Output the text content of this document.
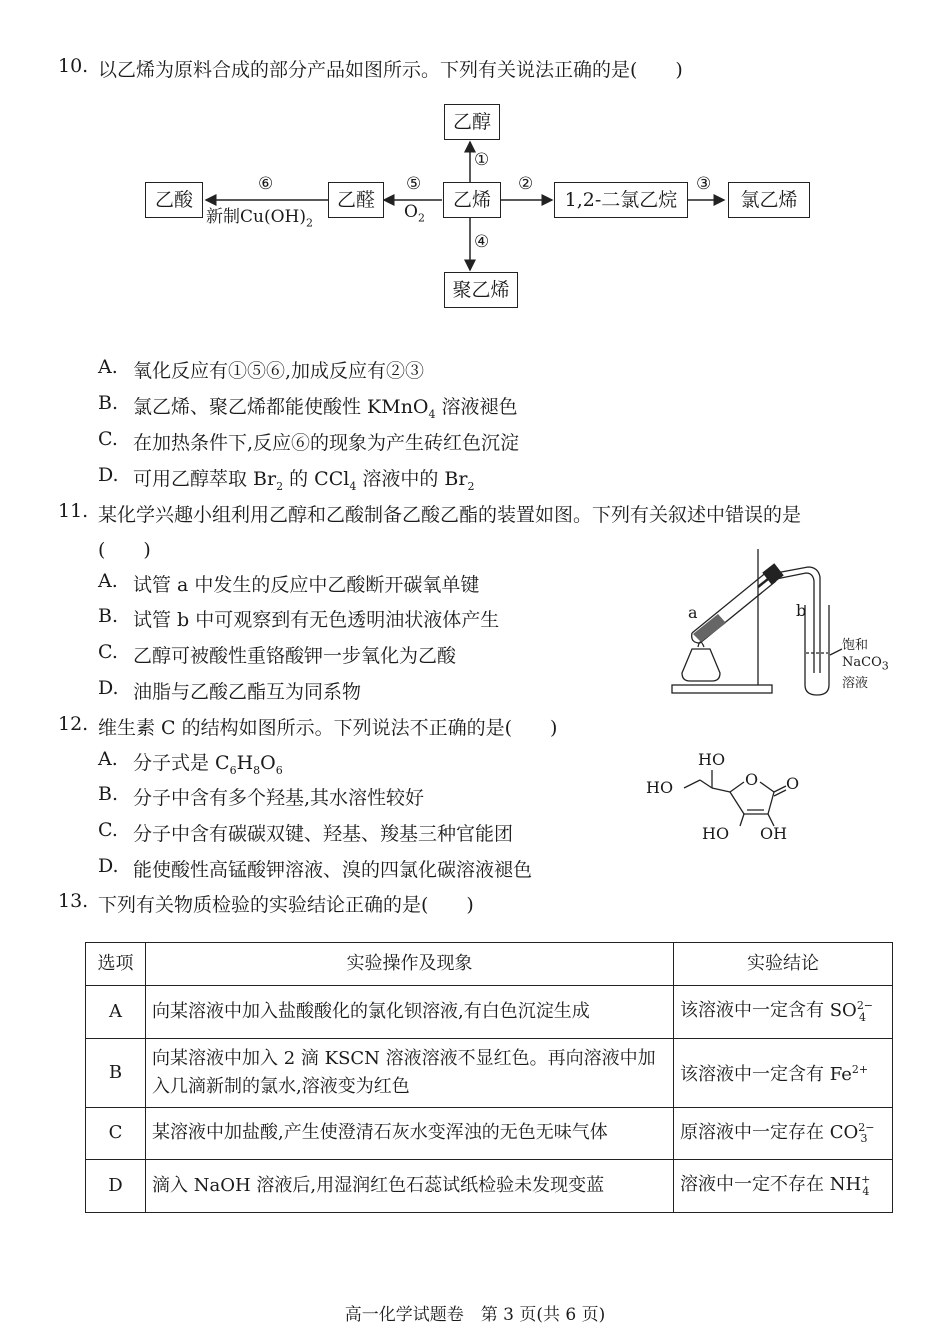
10. 以乙烯为原料合成的部分产品如图所示。下列有关说法正确的是(　　)
乙醇
乙酸	乙醛	乙烯	1,2-二氯乙烷	氯乙烯
聚乙烯
①
④
⑤
$O_2$
⑥
新制$Cu(OH)_2$
②	③
A. 氧化反应有①⑤⑥,加成反应有②③
B. 氯乙烯、聚乙烯都能使酸性 KMnO$_4$ 溶液褪色
C. 在加热条件下,反应⑥的现象为产生砖红色沉淀
D. 可用乙醇萃取 $Br_2$ 的 CCl$_4$ 溶液中的 $Br_2$
11. 某化学兴趣小组利用乙醇和乙酸制备乙酸乙酯的装置如图。下列有关叙述中错误的是
(　　)
A. 试管 a 中发生的反应中乙酸断开碳氧单键
B. 试管 b 中可观察到有无色透明油状液体产生
C. 乙醇可被酸性重铬酸钾一步氧化为乙酸
D. 油脂与乙酸乙酯互为同系物
a	b
饱和
NaCO$_3$
溶液
12. 维生素 C 的结构如图所示。下列说法不正确的是(　　)
A. 分子式是 $C_6H_8O_6$
B. 分子中含有多个羟基,其水溶性较好
C. 分子中含有碳碳双键、羟基、羧基三种官能团
D. 能使酸性高锰酸钾溶液、溴的四氯化碳溶液褪色
HO
HO	O O
HO OH
13. 下列有关物质检验的实验结论正确的是(　　)
选项	实验操作及现象	实验结论
A	向某溶液中加入盐酸酸化的氯化钡溶液,有白色沉淀生成	该溶液中一定含有 $SO^{2-}_4$
B	向某溶液中加入 2 滴 KSCN 溶液溶液不显红色。再向溶液中加入几滴新制的氯水,溶液变为红色	该溶液中一定含有 $Fe^{2+}$
C	某溶液中加盐酸,产生使澄清石灰水变浑浊的无色无味气体	原溶液中一定存在 $CO^{2-}_3$
D	滴入 NaOH 溶液后,用湿润红色石蕊试纸检验未发现变蓝	溶液中一定不存在 $NH^+_4$
高一化学试题卷　第 3 页(共 6 页)
